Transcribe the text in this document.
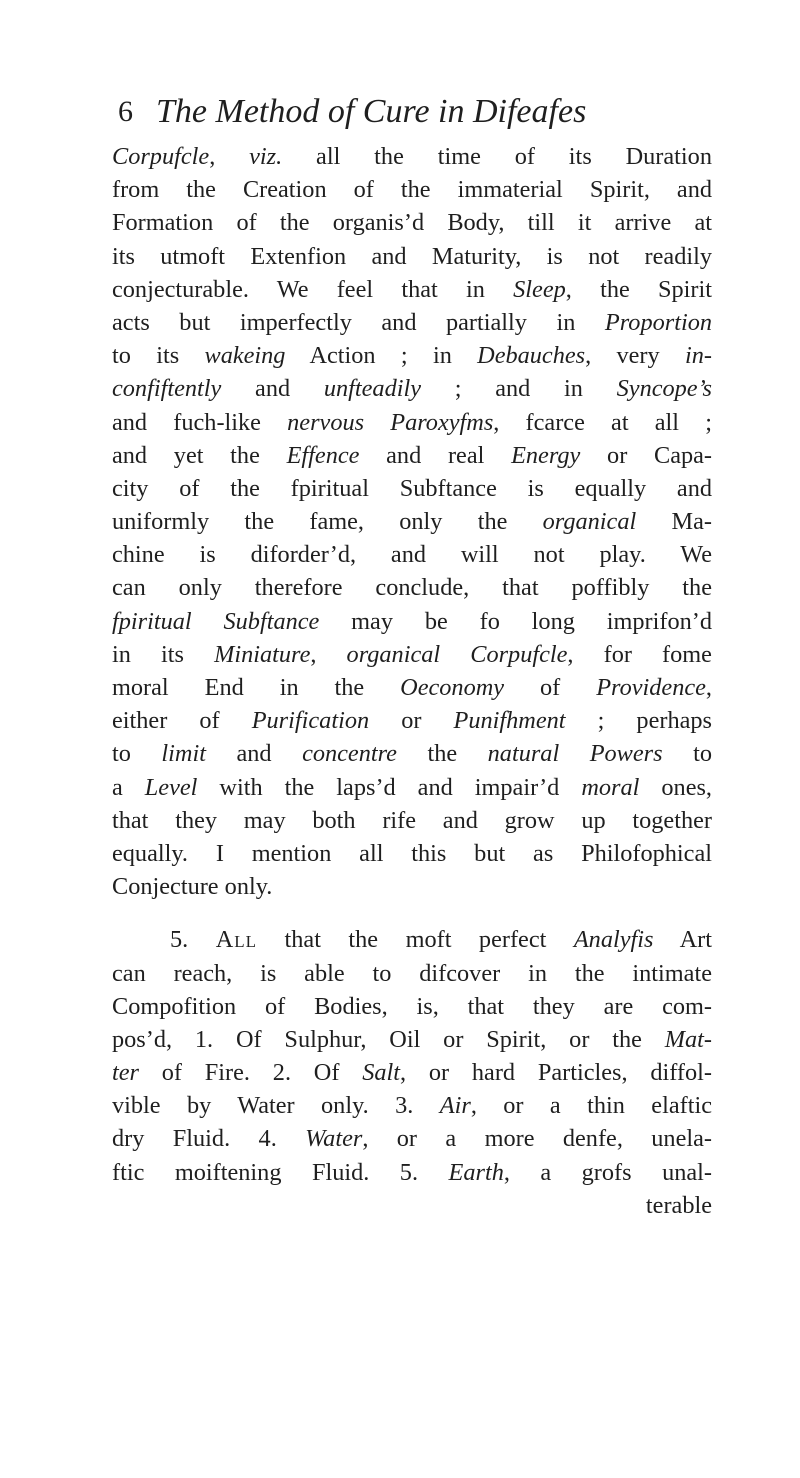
6 The Method of Cure in Difeafes
Corpufcle, viz. all the time of its Duration
from the Creation of the immaterial Spirit, and
Formation of the organis’d Body, till it arrive at
its utmoft Extenfion and Maturity, is not readily
conjecturable. We feel that in Sleep, the Spirit
acts but imperfectly and partially in Proportion
to its wakeing Action ; in Debauches, very in-
confiftently and unfteadily ; and in Syncope’s
and fuch-like nervous Paroxyfms, fcarce at all ;
and yet the Effence and real Energy or Capa-
city of the fpiritual Subftance is equally and
uniformly the fame, only the organical Ma-
chine is diforder’d, and will not play. We
can only therefore conclude, that poffibly the
fpiritual Subftance may be fo long imprifon’d
in its Miniature, organical Corpufcle, for fome
moral End in the Oeconomy of Providence,
either of Purification or Punifhment ; perhaps
to limit and concentre the natural Powers to
a Level with the laps’d and impair’d moral ones,
that they may both rife and grow up together
equally. I mention all this but as Philofophical
Conjecture only.
5. All that the moft perfect Analyfis Art
can reach, is able to difcover in the intimate
Compofition of Bodies, is, that they are com-
pos’d, 1. Of Sulphur, Oil or Spirit, or the Mat-
ter of Fire. 2. Of Salt, or hard Particles, diffol-
vible by Water only. 3. Air, or a thin elaftic
dry Fluid. 4. Water, or a more denfe, unela-
ftic moiftening Fluid. 5. Earth, a grofs unal-
terable
